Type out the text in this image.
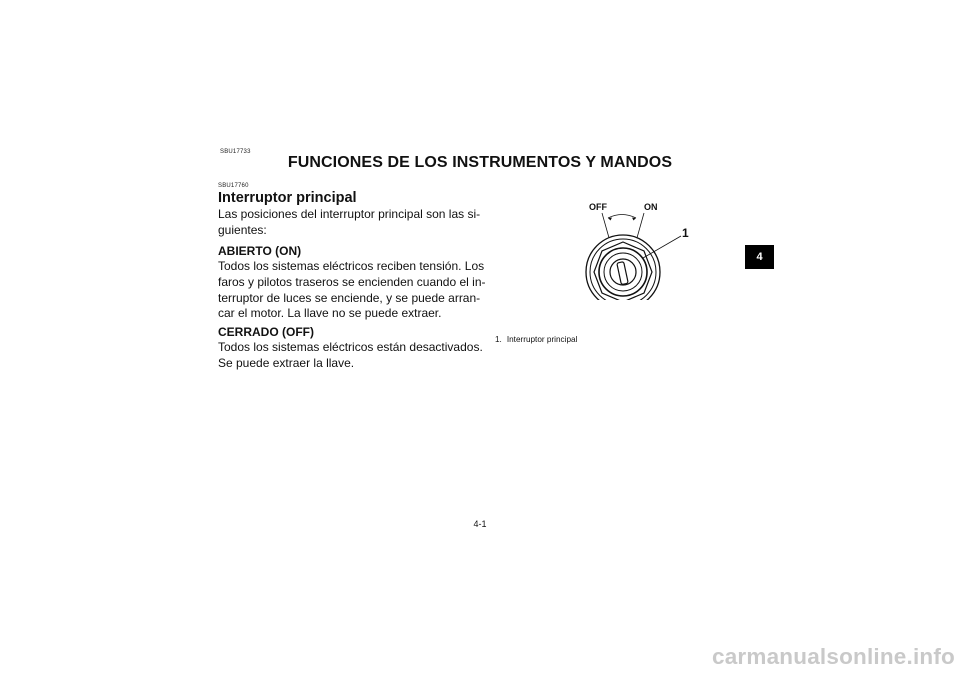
SBU17733
FUNCIONES DE LOS INSTRUMENTOS Y MANDOS
SBU17760
Interruptor principal

Las posiciones del interruptor principal son las si-
guientes:

ABIERTO (ON)

Todos los sistemas eléctricos reciben tensión. Los
faros y pilotos traseros se encienden cuando el in-
terruptor de luces se enciende, y se puede arran-
car el motor. La llave no se puede extraer.

CERRADO (OFF)

Todos los sistemas eléctricos están desactivados.
Se puede extraer la llave.

OFF	ON
1
1. Interruptor principal
4
4-1
carmanualsonline.info
